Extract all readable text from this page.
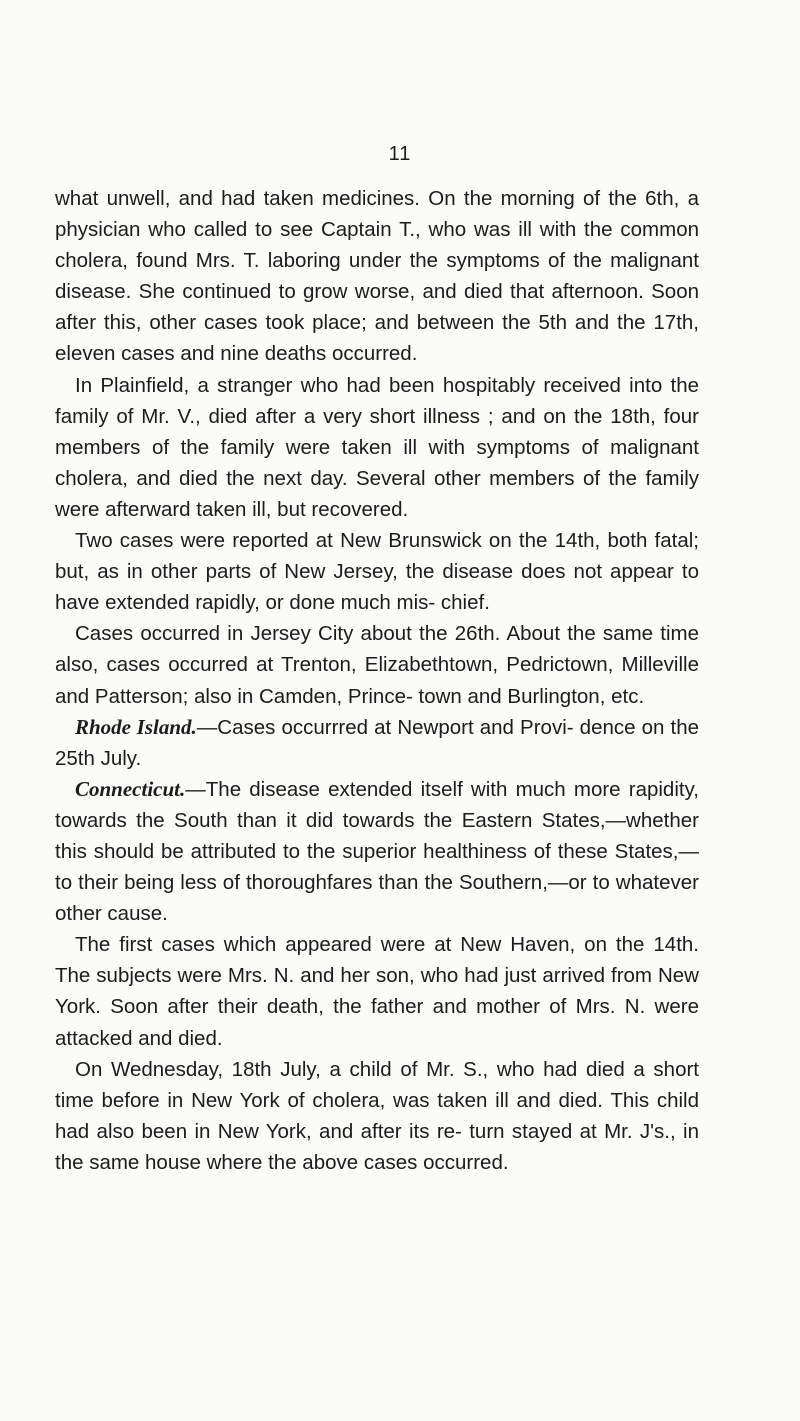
11

what unwell, and had taken medicines. On the morning of the 6th, a physician who called to see Captain T., who was ill with the common cholera, found Mrs. T. laboring under the symptoms of the malignant disease. She continued to grow worse, and died that afternoon. Soon after this, other cases took place; and between the 5th and the 17th, eleven cases and nine deaths occurred.

In Plainfield, a stranger who had been hospitably received into the family of Mr. V., died after a very short illness ; and on the 18th, four members of the family were taken ill with symptoms of malignant cholera, and died the next day. Several other members of the family were afterward taken ill, but recovered.

Two cases were reported at New Brunswick on the 14th, both fatal; but, as in other parts of New Jersey, the disease does not appear to have extended rapidly, or done much mis- chief.

Cases occurred in Jersey City about the 26th. About the same time also, cases occurred at Trenton, Elizabethtown, Pedrictown, Milleville and Patterson; also in Camden, Prince- town and Burlington, etc.

Rhode Island.—Cases occurrred at Newport and Provi- dence on the 25th July.

Connecticut.—The disease extended itself with much more rapidity, towards the South than it did towards the Eastern States,—whether this should be attributed to the superior healthiness of these States,—to their being less of thoroughfares than the Southern,—or to whatever other cause.

The first cases which appeared were at New Haven, on the 14th. The subjects were Mrs. N. and her son, who had just arrived from New York. Soon after their death, the father and mother of Mrs. N. were attacked and died.

On Wednesday, 18th July, a child of Mr. S., who had died a short time before in New York of cholera, was taken ill and died. This child had also been in New York, and after its re- turn stayed at Mr. J's., in the same house where the above cases occurred.
